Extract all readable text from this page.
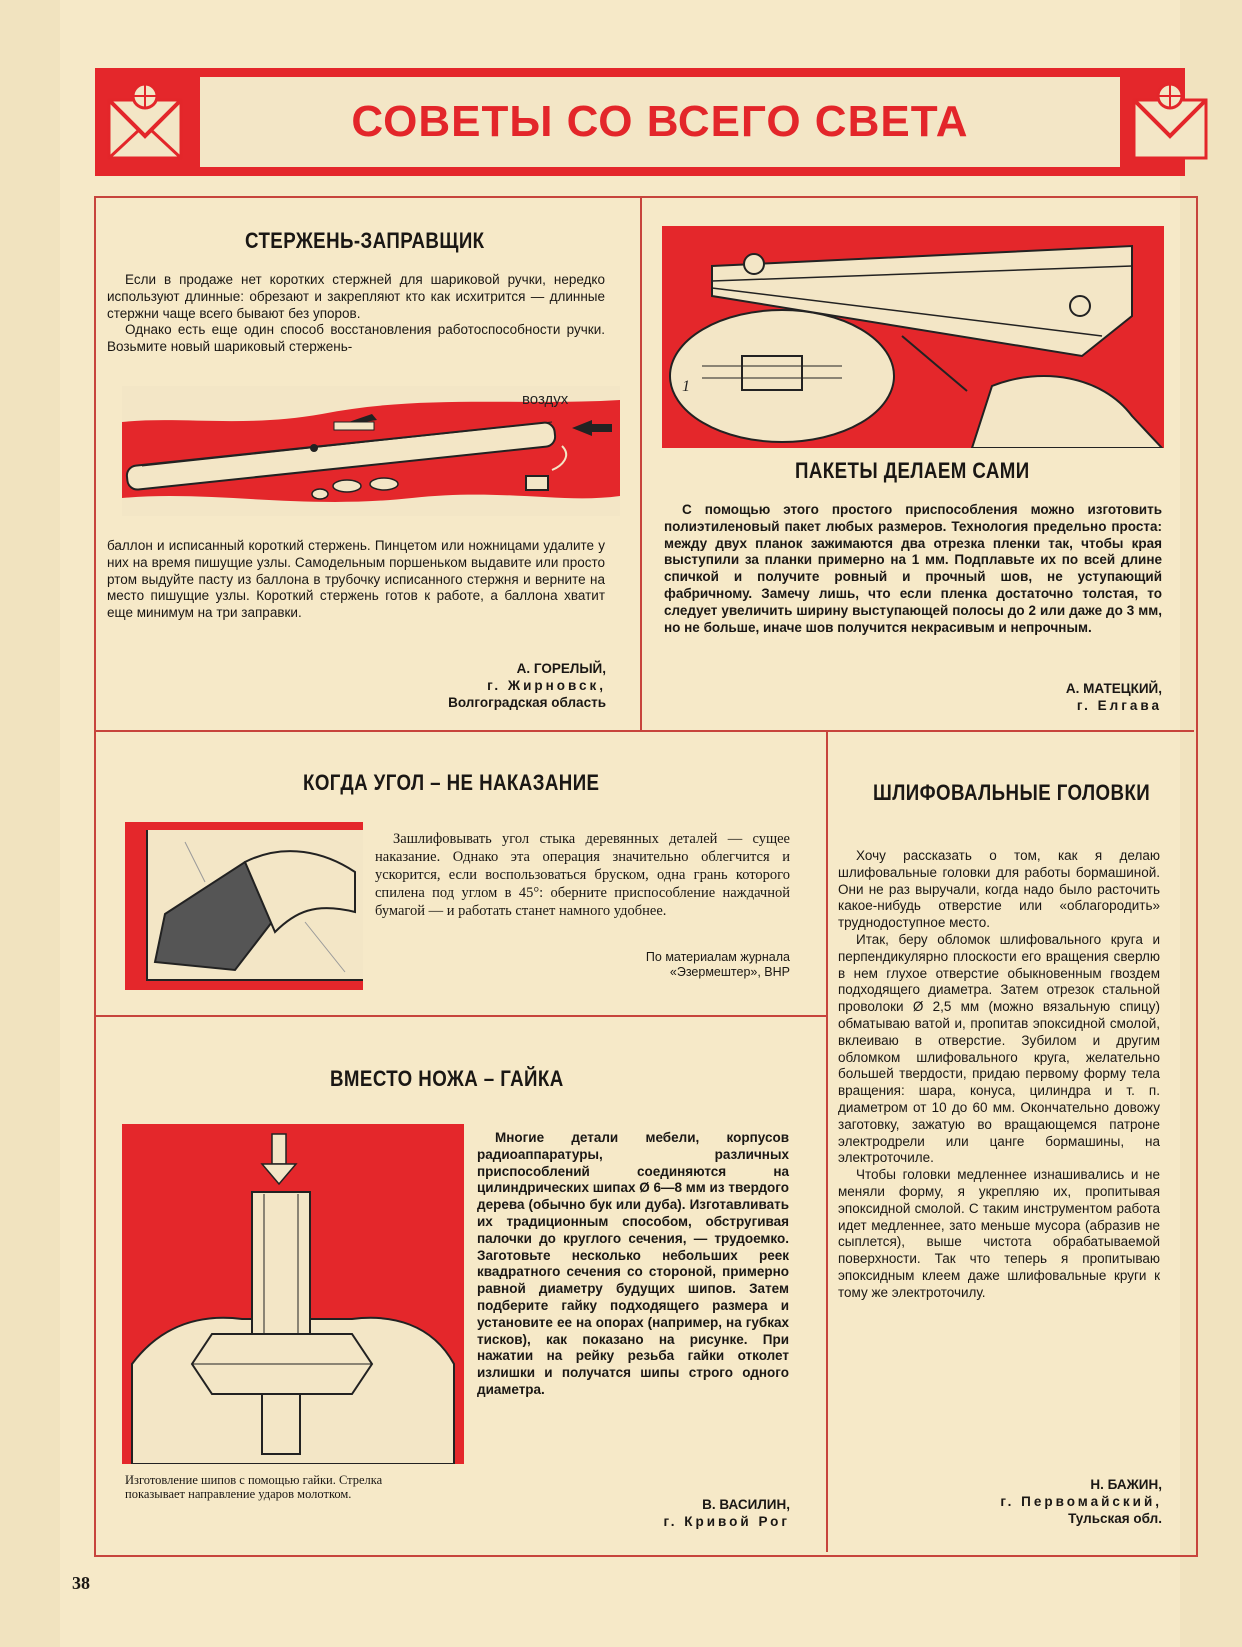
СОВЕТЫ СО ВСЕГО СВЕТА
СТЕРЖЕНЬ-ЗАПРАВЩИК

Если в продаже нет коротких стержней для шариковой ручки, нередко используют длинные: обрезают и закрепляют кто как исхитрится — длинные стержни чаще всего бывают без упоров.

Однако есть еще один способ восстановления работоспособности ручки. Возьмите новый шариковый стержень-

воздух

баллон и исписанный короткий стержень. Пинцетом или ножницами удалите у них на время пишущие узлы. Самодельным поршеньком выдавите или просто ртом выдуйте пасту из баллона в трубочку исписанного стержня и верните на место пишущие узлы. Короткий стержень готов к работе, а баллона хватит еще минимум на три заправки.

А. ГОРЕЛЫЙ,
г. Жирновск,
Волгоградская область
1
ПАКЕТЫ ДЕЛАЕМ САМИ

С помощью этого простого приспособления можно изготовить полиэтиленовый пакет любых размеров. Технология предельно проста: между двух планок зажимаются два отрезка пленки так, чтобы края выступили за планки примерно на 1 мм. Подплавьте их по всей длине спичкой и получите ровный и прочный шов, не уступающий фабричному. Замечу лишь, что если пленка достаточно толстая, то следует увеличить ширину выступающей полосы до 2 или даже до 3 мм, но не больше, иначе шов получится некрасивым и непрочным.

А. МАТЕЦКИЙ,
г. Елгава
КОГДА УГОЛ – НЕ НАКАЗАНИЕ

Зашлифовывать угол стыка деревянных деталей — сущее наказание. Однако эта операция значительно облегчится и ускорится, если воспользоваться бруском, одна грань которого спилена под углом в 45°: оберните приспособление наждачной бумагой — и работать станет намного удобнее.

По материалам журнала
«Эзермештер», ВНР
ВМЕСТО НОЖА – ГАЙКА
Изготовление шипов с помощью гайки. Стрелка показывает направление ударов молотком.

Многие детали мебели, корпусов радиоаппаратуры, различных приспособлений соединяются на цилиндрических шипах Ø 6—8 мм из твердого дерева (обычно бук или дуба). Изготавливать их традиционным способом, обстругивая палочки до круглого сечения, — трудоемко. Заготовьте несколько небольших реек квадратного сечения со стороной, примерно равной диаметру будущих шипов. Затем подберите гайку подходящего размера и установите ее на опорах (например, на губках тисков), как показано на рисунке. При нажатии на рейку резьба гайки отколет излишки и получатся шипы строго одного диаметра.

В. ВАСИЛИН,
г. Кривой Рог
ШЛИФОВАЛЬНЫЕ ГОЛОВКИ

Хочу рассказать о том, как я делаю шлифовальные головки для работы бормашиной. Они не раз выручали, когда надо было расточить какое-нибудь отверстие или «облагородить» труднодоступное место.

Итак, беру обломок шлифовального круга и перпендикулярно плоскости его вращения сверлю в нем глухое отверстие обыкновенным гвоздем подходящего диаметра. Затем отрезок стальной проволоки Ø 2,5 мм (можно вязальную спицу) обматываю ватой и, пропитав эпоксидной смолой, вклеиваю в отверстие. Зубилом и другим обломком шлифовального круга, желательно большей твердости, придаю первому форму тела вращения: шара, конуса, цилиндра и т. п. диаметром от 10 до 60 мм. Окончательно довожу заготовку, зажатую во вращающемся патроне электродрели или цанге бормашины, на электроточиле.

Чтобы головки медленнее изнашивались и не меняли форму, я укрепляю их, пропитывая эпоксидной смолой. С таким инструментом работа идет медленнее, зато меньше мусора (абразив не сыплется), выше чистота обрабатываемой поверхности. Так что теперь я пропитываю эпоксидным клеем даже шлифовальные круги к тому же электроточилу.

Н. БАЖИН,
г. Первомайский,
Тульская обл.
38
